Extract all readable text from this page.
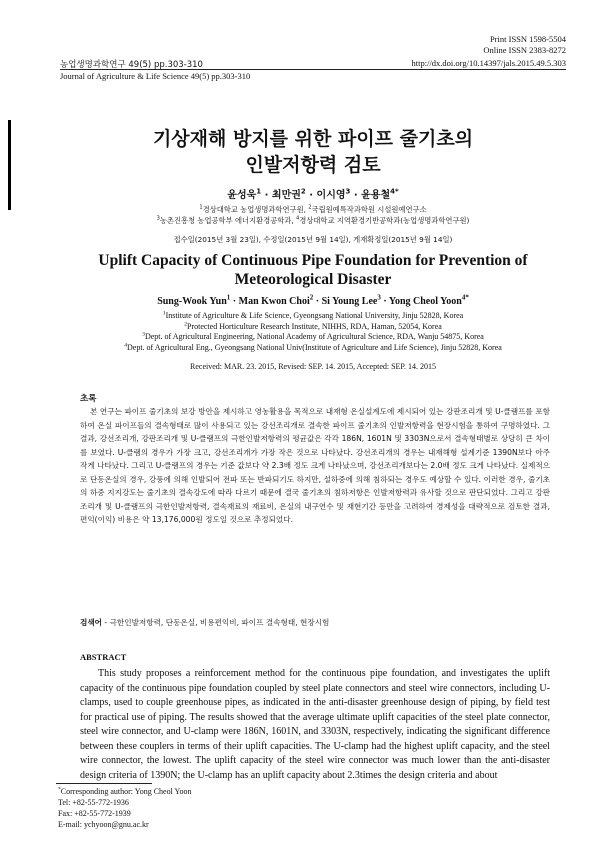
Print ISSN 1598-5504
Online ISSN 2383-8272
농업생명과학연구 49(5) pp.303-310	http://dx.doi.org/10.14397/jals.2015.49.5.303
Journal of Agriculture & Life Science 49(5) pp.303-310
기상재해 방지를 위한 파이프 줄기초의
인발저항력 검토
윤성욱$^1$ · 최만권$^2$ · 이시영$^3$ · 윤용철$^{4*}$
$^1$경상대학교 농업생명과학연구원, $^2$국립원예특작과학원 시설원예연구소
$^3$농촌진흥청 농업공학부 에너지환경공학과, $^4$경상대학교 지역환경기반공학과(농업생명과학연구원)
접수일(2015년 3월 23일), 수정일(2015년 9월 14일), 게재확정일(2015년 9월 14일)
Uplift Capacity of Continuous Pipe Foundation for Prevention of
Meteorological Disaster
Sung-Wook Yun$^1$ · Man Kwon Choi$^2$ · Si Young Lee$^3$ · Yong Cheol Yoon$^{4*}$
$^1$Institute of Agriculture & Life Science, Gyeongsang National University, Jinju 52828, Korea
$^2$Protected Horticulture Research Institute, NIHHS, RDA, Haman, 52054, Korea
$^3$Dept. of Agricultural Engineering, National Academy of Agricultural Science, RDA, Wanju 54875, Korea
$^4$Dept. of Agricultural Eng., Gyeongsang National Univ(Institute of Agriculture and Life Science), Jinju 52828, Korea
Received: MAR. 23. 2015, Revised: SEP. 14. 2015, Accepted: SEP. 14. 2015
초록
본 연구는 파이프 줄기초의 보강 방안을 제시하고 영농활용을 목적으로 내재형 온실설계도에 제시되어 있는 강판조리개 및 U-클램프를 포함하여 온실 파이프들의 결속형태로 많이 사용되고 있는 강선조리개로 결속한 파이프 줄기초의 인발저항력을 현장시험을 통하여 구명하였다. 그 결과, 강선조리개, 강판조리개 및 U-클램프의 극한인발저항력의 평균값은 각각 186N, 1601N 및 3303N으로서 결속형태별로 상당히 큰 차이를 보였다. U-클램의 경우가 가장 크고, 강선조리개가 가장 작은 것으로 나타났다. 강선조리개의 경우는 내재해형 설계기준 1390N보다 아주 작게 나타났다. 그리고 U-클램프의 경우는 기준 값보다 약 2.3배 정도 크게 나타났으며, 강선조리개보다는 2.0배 정도 크게 나타났다. 실제적으로 단동온실의 경우, 강풍에 의해 인발되어 전파 또는 반파되기도 하지만, 설하중에 의해 침하되는 경우도 예상할 수 있다. 이러한 경우, 줄기초의 하중 지지강도는 줄기초의 결속강도에 따라 다르기 때문에 결국 줄기초의 침하저항은 인발저항력과 유사할 것으로 판단되었다. 그리고 강판조리개 및 U-클램프의 극한인발저항력, 결속재료의 재료비, 온실의 내구연수 및 재현기간 등만을 고려하여 경제성을 대략적으로 검토한 결과, 편익(이익) 비용은 약 13,176,000원 정도일 것으로 추정되었다.
검색어 - 극한인발저항력, 단동온실, 비용편익비, 파이프 결속형태, 현장시험
ABSTRACT
This study proposes a reinforcement method for the continuous pipe foundation, and investigates the uplift capacity of the continuous pipe foundation coupled by steel plate connectors and steel wire connectors, including U-clamps, used to couple greenhouse pipes, as indicated in the anti-disaster greenhouse design of piping, by field test for practical use of piping. The results showed that the average ultimate uplift capacities of the steel plate connector, steel wire connector, and U-clamp were 186N, 1601N, and 3303N, respectively, indicating the significant difference between these couplers in terms of their uplift capacities. The U-clamp had the highest uplift capacity, and the steel wire connector, the lowest. The uplift capacity of the steel wire connector was much lower than the anti-disaster design criteria of 1390N; the U-clamp has an uplift capacity about 2.3times the design criteria and about
*Corresponding author: Yong Cheol Yoon
Tel: +82-55-772-1936
Fax: +82-55-772-1939
E-mail: ychyoon@gnu.ac.kr
